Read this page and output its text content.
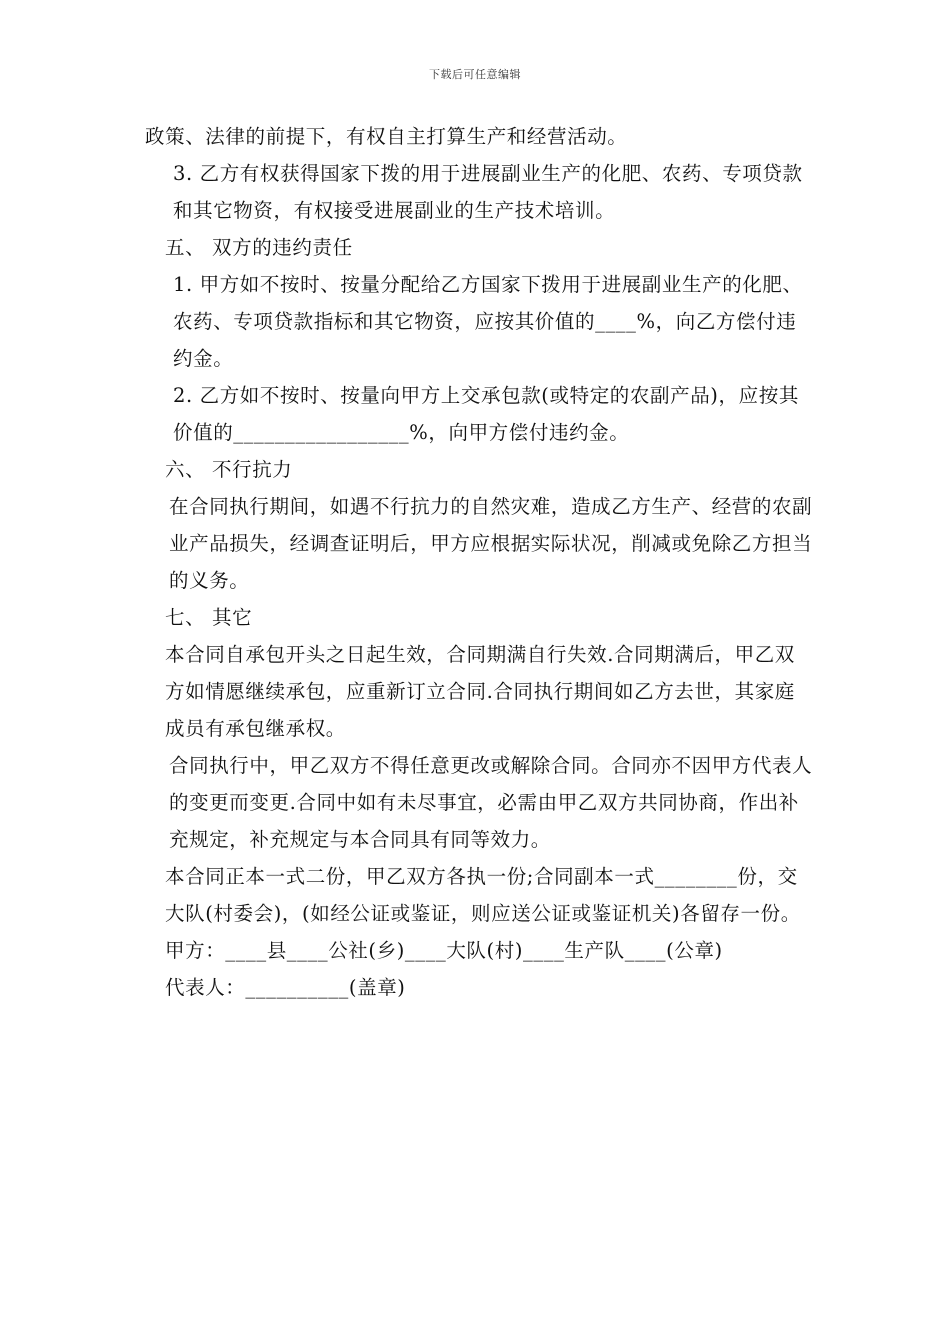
下载后可任意编辑

政策、法律的前提下，有权自主打算生产和经营活动。

3. 乙方有权获得国家下拨的用于进展副业生产的化肥、农药、专项贷款和其它物资，有权接受进展副业的生产技术培训。

五、 双方的违约责任

1. 甲方如不按时、按量分配给乙方国家下拨用于进展副业生产的化肥、农药、专项贷款指标和其它物资，应按其价值的____%，向乙方偿付违约金。

2. 乙方如不按时、按量向甲方上交承包款(或特定的农副产品)，应按其价值的_________________%，向甲方偿付违约金。

六、 不行抗力

在合同执行期间，如遇不行抗力的自然灾难，造成乙方生产、经营的农副业产品损失，经调查证明后，甲方应根据实际状况，削减或免除乙方担当的义务。

七、 其它

本合同自承包开头之日起生效，合同期满自行失效.合同期满后，甲乙双方如情愿继续承包，应重新订立合同.合同执行期间如乙方去世，其家庭成员有承包继承权。

合同执行中，甲乙双方不得任意更改或解除合同。合同亦不因甲方代表人的变更而变更.合同中如有未尽事宜，必需由甲乙双方共同协商，作出补充规定，补充规定与本合同具有同等效力。

本合同正本一式二份，甲乙双方各执一份;合同副本一式________份，交大队(村委会)，(如经公证或鉴证，则应送公证或鉴证机关)各留存一份。

甲方：____县____公社(乡)____大队(村)____生产队____(公章)

代表人：__________(盖章)
